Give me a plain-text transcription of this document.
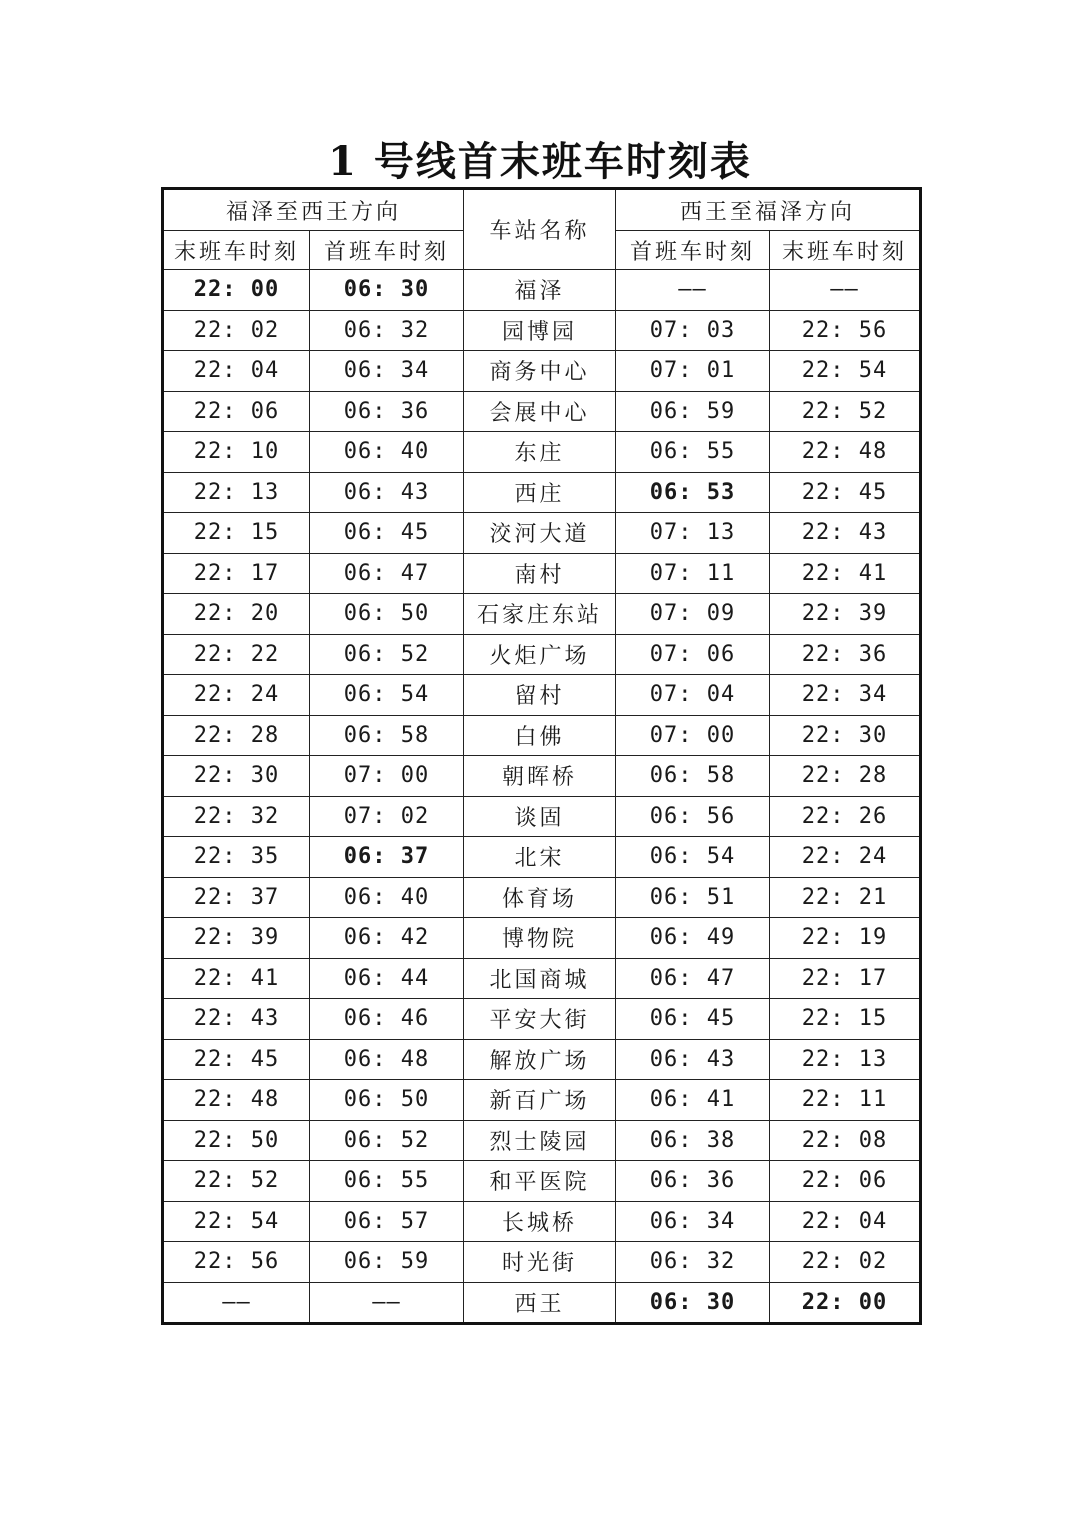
1 号线首末班车时刻表
福泽至西王方向		车站名称	西王至福泽方向	
末班车时刻	首班车时刻		首班车时刻	末班车时刻
22: 00	06: 30	福泽	——	——
22: 02	06: 32	园博园	07: 03	22: 56
22: 04	06: 34	商务中心	07: 01	22: 54
22: 06	06: 36	会展中心	06: 59	22: 52
22: 10	06: 40	东庄	06: 55	22: 48
22: 13	06: 43	西庄	06: 53	22: 45
22: 15	06: 45	洨河大道	07: 13	22: 43
22: 17	06: 47	南村	07: 11	22: 41
22: 20	06: 50	石家庄东站	07: 09	22: 39
22: 22	06: 52	火炬广场	07: 06	22: 36
22: 24	06: 54	留村	07: 04	22: 34
22: 28	06: 58	白佛	07: 00	22: 30
22: 30	07: 00	朝晖桥	06: 58	22: 28
22: 32	07: 02	谈固	06: 56	22: 26
22: 35	06: 37	北宋	06: 54	22: 24
22: 37	06: 40	体育场	06: 51	22: 21
22: 39	06: 42	博物院	06: 49	22: 19
22: 41	06: 44	北国商城	06: 47	22: 17
22: 43	06: 46	平安大街	06: 45	22: 15
22: 45	06: 48	解放广场	06: 43	22: 13
22: 48	06: 50	新百广场	06: 41	22: 11
22: 50	06: 52	烈士陵园	06: 38	22: 08
22: 52	06: 55	和平医院	06: 36	22: 06
22: 54	06: 57	长城桥	06: 34	22: 04
22: 56	06: 59	时光街	06: 32	22: 02
——	——	西王	06: 30	22: 00
